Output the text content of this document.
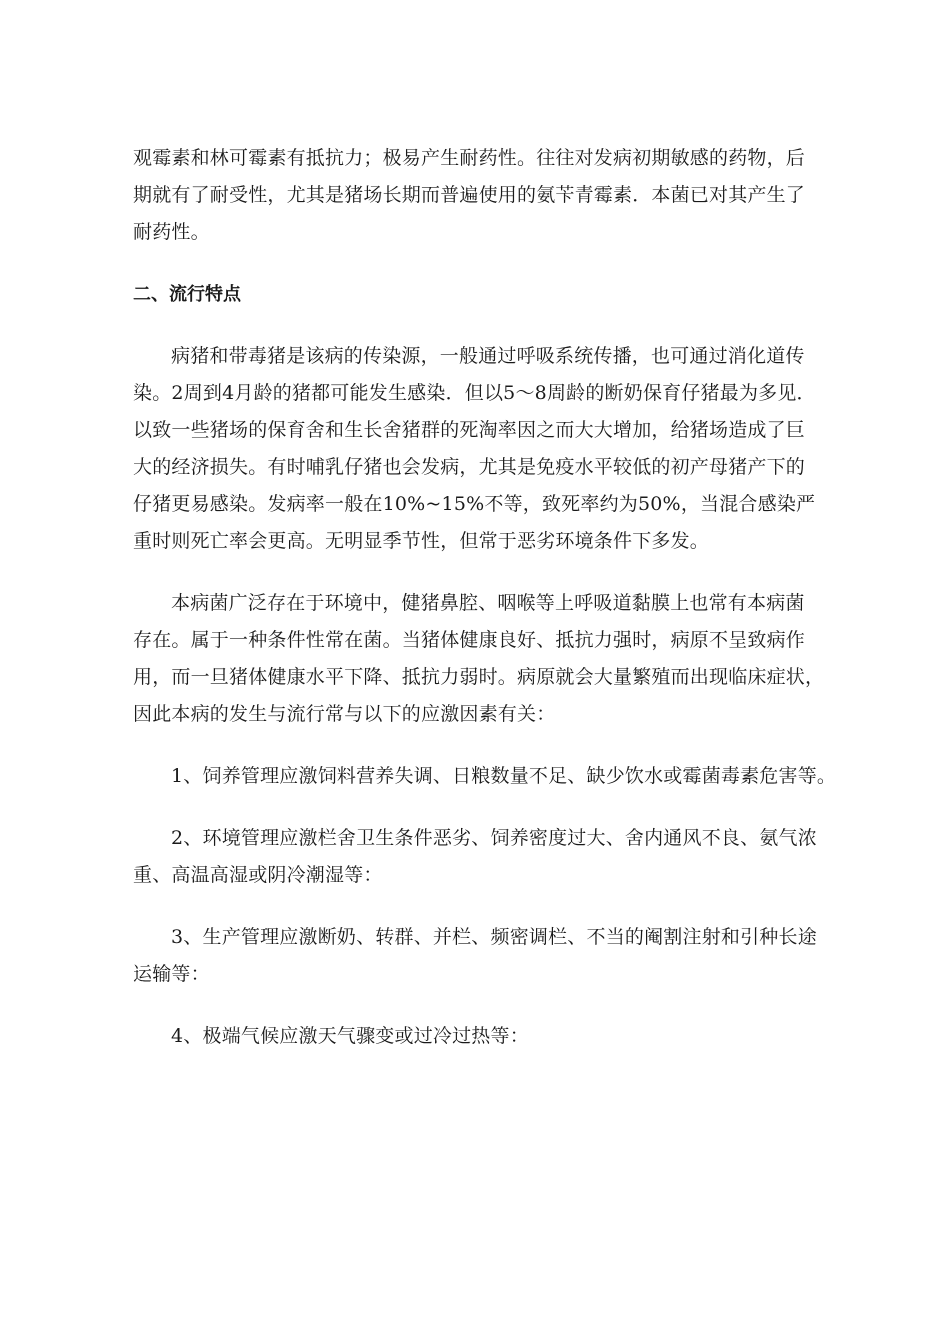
观霉素和林可霉素有抵抗力；极易产生耐药性。往往对发病初期敏感的药物，后
期就有了耐受性，尤其是猪场长期而普遍使用的氨苄青霉素．本菌已对其产生了
耐药性。
二、流行特点
病猪和带毒猪是该病的传染源，一般通过呼吸系统传播，也可通过消化道传
染。2周到4月龄的猪都可能发生感染．但以5～8周龄的断奶保育仔猪最为多见．
以致一些猪场的保育舍和生长舍猪群的死淘率因之而大大增加，给猪场造成了巨
大的经济损失。有时哺乳仔猪也会发病，尤其是免疫水平较低的初产母猪产下的
仔猪更易感染。发病率一般在10%~15%不等，致死率约为50%，当混合感染严
重时则死亡率会更高。无明显季节性，但常于恶劣环境条件下多发。
本病菌广泛存在于环境中，健猪鼻腔、咽喉等上呼吸道黏膜上也常有本病菌
存在。属于一种条件性常在菌。当猪体健康良好、抵抗力强时，病原不呈致病作
用，而一旦猪体健康水平下降、抵抗力弱时。病原就会大量繁殖而出现临床症状，
因此本病的发生与流行常与以下的应激因素有关：
1、饲养管理应激饲料营养失调、日粮数量不足、缺少饮水或霉菌毒素危害等。
2、环境管理应激栏舍卫生条件恶劣、饲养密度过大、舍内通风不良、氨气浓
重、高温高湿或阴冷潮湿等：
3、生产管理应激断奶、转群、并栏、频密调栏、不当的阉割注射和引种长途
运输等：
4、极端气候应激天气骤变或过冷过热等：
